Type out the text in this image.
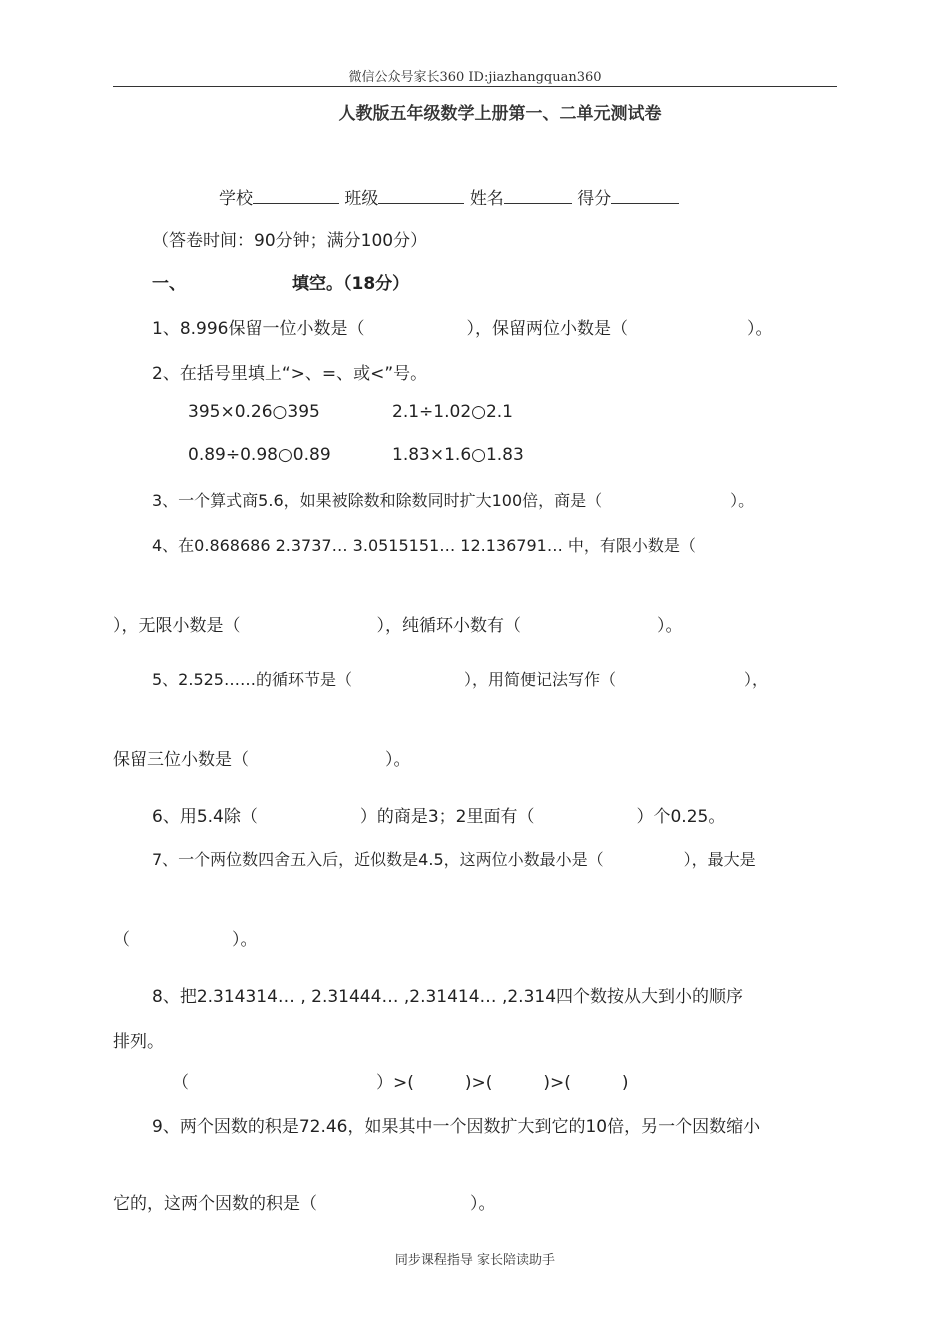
微信公众号家长360 ID:jiazhangquan360
人教版五年级数学上册第一、二单元测试卷
学校	班级	姓名	得分
（答卷时间：90分钟；满分100分）
一、	填空。（18分）
1、8.996保留一位小数是（　　　　　　），保留两位小数是（　　　　　　　）。
2、在括号里填上“>、=、或<”号。
395×0.26○395	2.1÷1.02○2.1
0.89÷0.98○0.89	1.83×1.6○1.83
3、一个算式商5.6，如果被除数和除数同时扩大100倍，商是（　　　　　　　　）。
4、在0.868686 2.3737… 3.0515151… 12.136791… 中，有限小数是（
），无限小数是（　　　　　　　　），纯循环小数有（　　　　　　　　）。
5、2.525……的循环节是（　　　　　　　），用简便记法写作（　　　　　　　　），
保留三位小数是（　　　　　　　　）。
6、用5.4除（　　　　　　）的商是3；2里面有（　　　　　　）个0.25。
7、一个两位数四舍五入后，近似数是4.5，这两位小数最小是（　　　　　），最大是
（　　　　　　）。
8、把2.314314… , 2.31444… ,2.31414… ,2.314四个数按从大到小的顺序
排列。
（　　　　　　　　　　　）>(　　　)>(　　　)>(　　　)
9、两个因数的积是72.46，如果其中一个因数扩大到它的10倍，另一个因数缩小
它的，这两个因数的积是（　　　　　　　　　）。
同步课程指导 家长陪读助手
